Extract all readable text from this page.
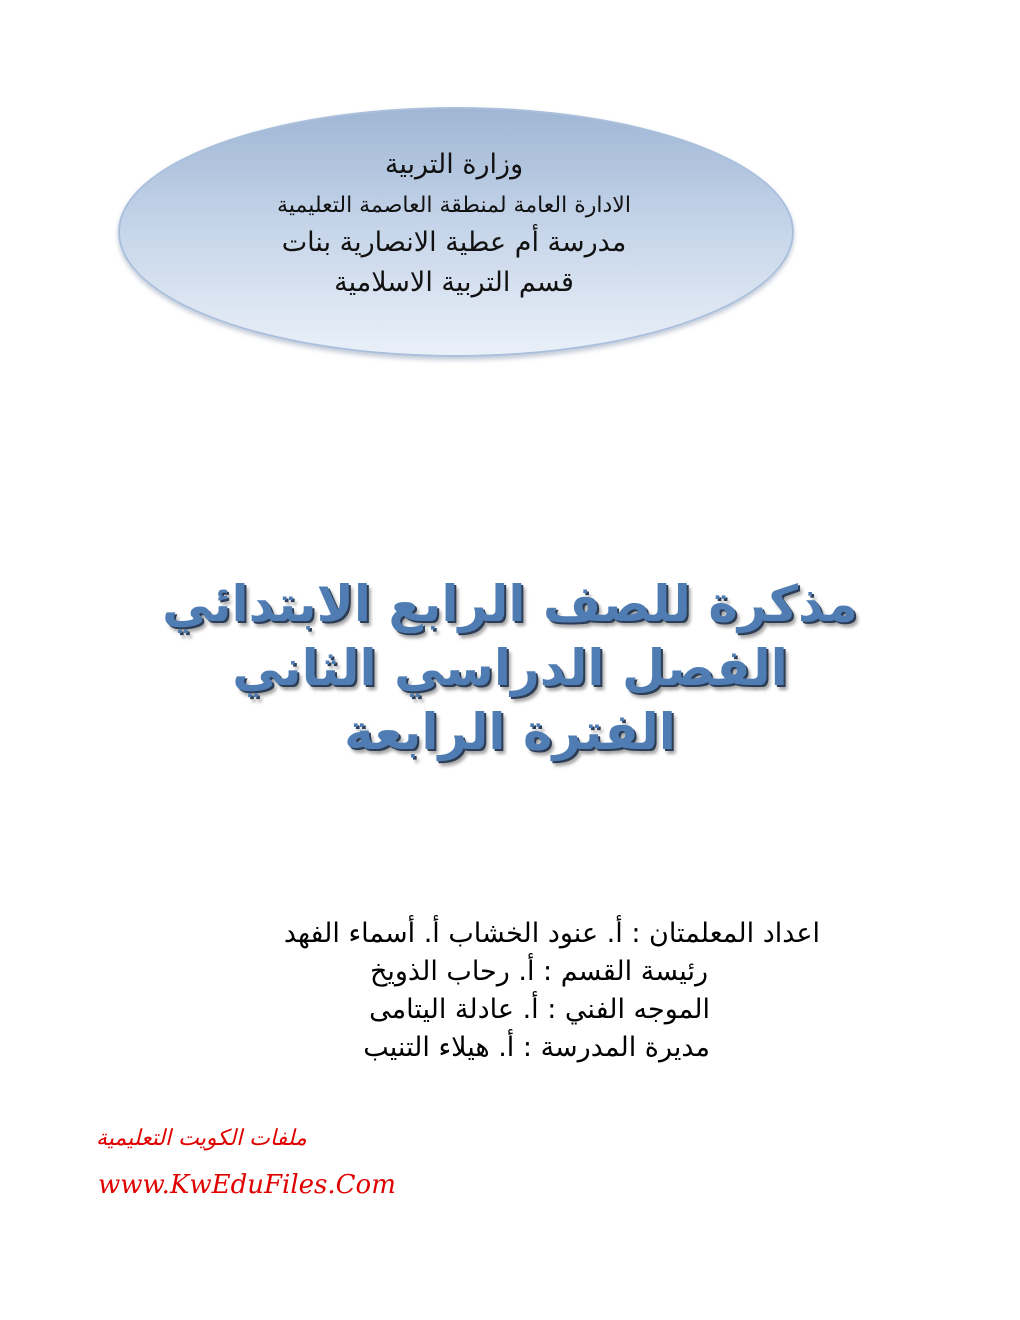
وزارة التربية
الادارة العامة لمنطقة العاصمة التعليمية
مدرسة أم عطية الانصارية بنات
قسم التربية الاسلامية
مذكرة للصف الرابع الابتدائي
الفصل الدراسي الثاني
الفترة الرابعة
اعداد المعلمتان : أ. عنود الخشاب أ. أسماء الفهد
رئيسة القسم : أ. رحاب الذويخ
الموجه الفني : أ. عادلة اليتامى
مديرة المدرسة : أ. هيلاء التنيب
ملفات الكويت التعليمية
www.KwEduFiles.Com
